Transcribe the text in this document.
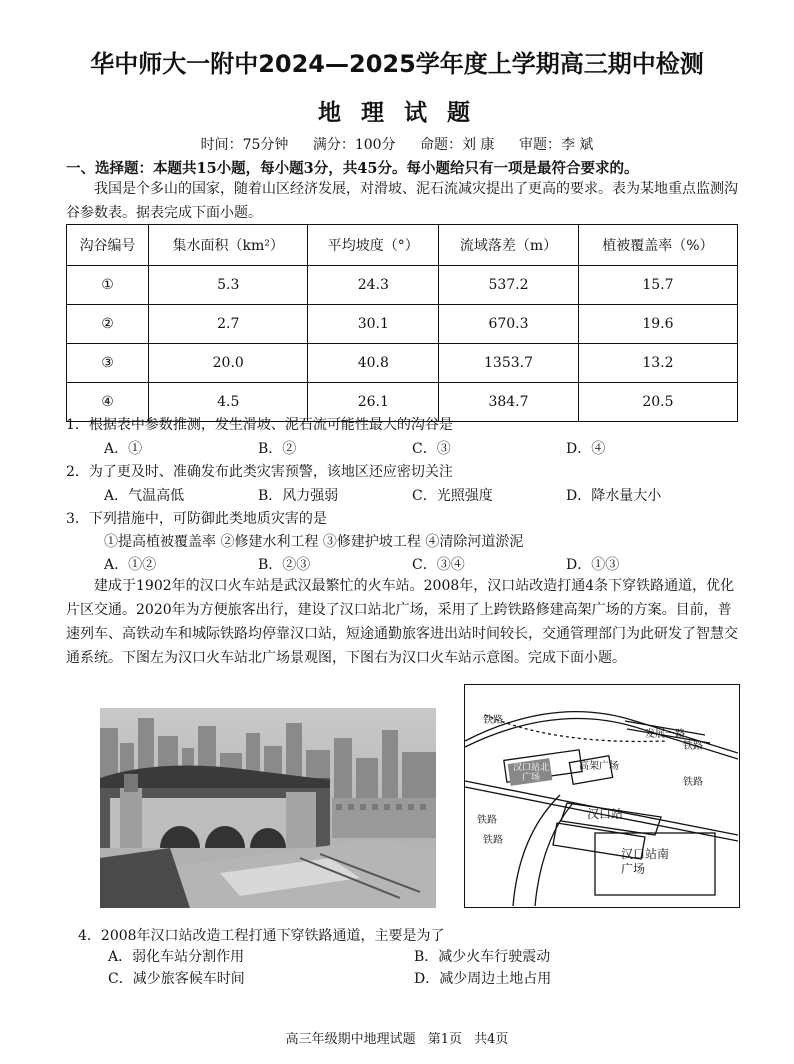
华中师大一附中2024—2025学年度上学期高三期中检测
地 理 试 题
时间：75分钟 满分：100分 命题：刘 康 审题：李 斌
一、选择题：本题共15小题，每小题3分，共45分。每小题给只有一项是最符合要求的。

我国是个多山的国家，随着山区经济发展，对滑坡、泥石流减灾提出了更高的要求。表为某地重点监测沟谷参数表。据表完成下面小题。

沟谷编号	集水面积（km²）	平均坡度（°）	流域落差（m）	植被覆盖率（%）
①	5.3	24.3	537.2	15.7
②	2.7	30.1	670.3	19.6
③	20.0	40.8	1353.7	13.2
④	4.5	26.1	384.7	20.5
1．根据表中参数推测，发生滑坡、泥石流可能性最大的沟谷是
A．①	B．②	C．③	D．④
2．为了更及时、准确发布此类灾害预警，该地区还应密切关注
A．气温高低	B．风力强弱	C．光照强度	D．降水量大小
3．下列措施中，可防御此类地质灾害的是
①提高植被覆盖率 ②修建水利工程 ③修建护坡工程 ④清除河道淤泥
A．①②	B．②③	C．③④	D．①③

建成于1902年的汉口火车站是武汉最繁忙的火车站。2008年，汉口站改造打通4条下穿铁路通道，优化片区交通。2020年为方便旅客出行，建设了汉口站北广场，采用了上跨铁路修建高架广场的方案。目前，普速列车、高铁动车和城际铁路均停靠汉口站，短途通勤旅客进出站时间较长，交通管理部门为此研发了智慧交通系统。下图左为汉口火车站北广场景观图，下图右为汉口火车站示意图。完成下面小题。

铁路
发展一路
铁路
铁路
铁路
铁路
高架广场
汉口站北广场
汉口站
汉口站南广场
4．2008年汉口站改造工程打通下穿铁路通道，主要是为了
A．弱化车站分割作用	B．减少火车行驶震动
C．减少旅客候车时间	D．减少周边土地占用
高三年级期中地理试题 第1页 共4页
